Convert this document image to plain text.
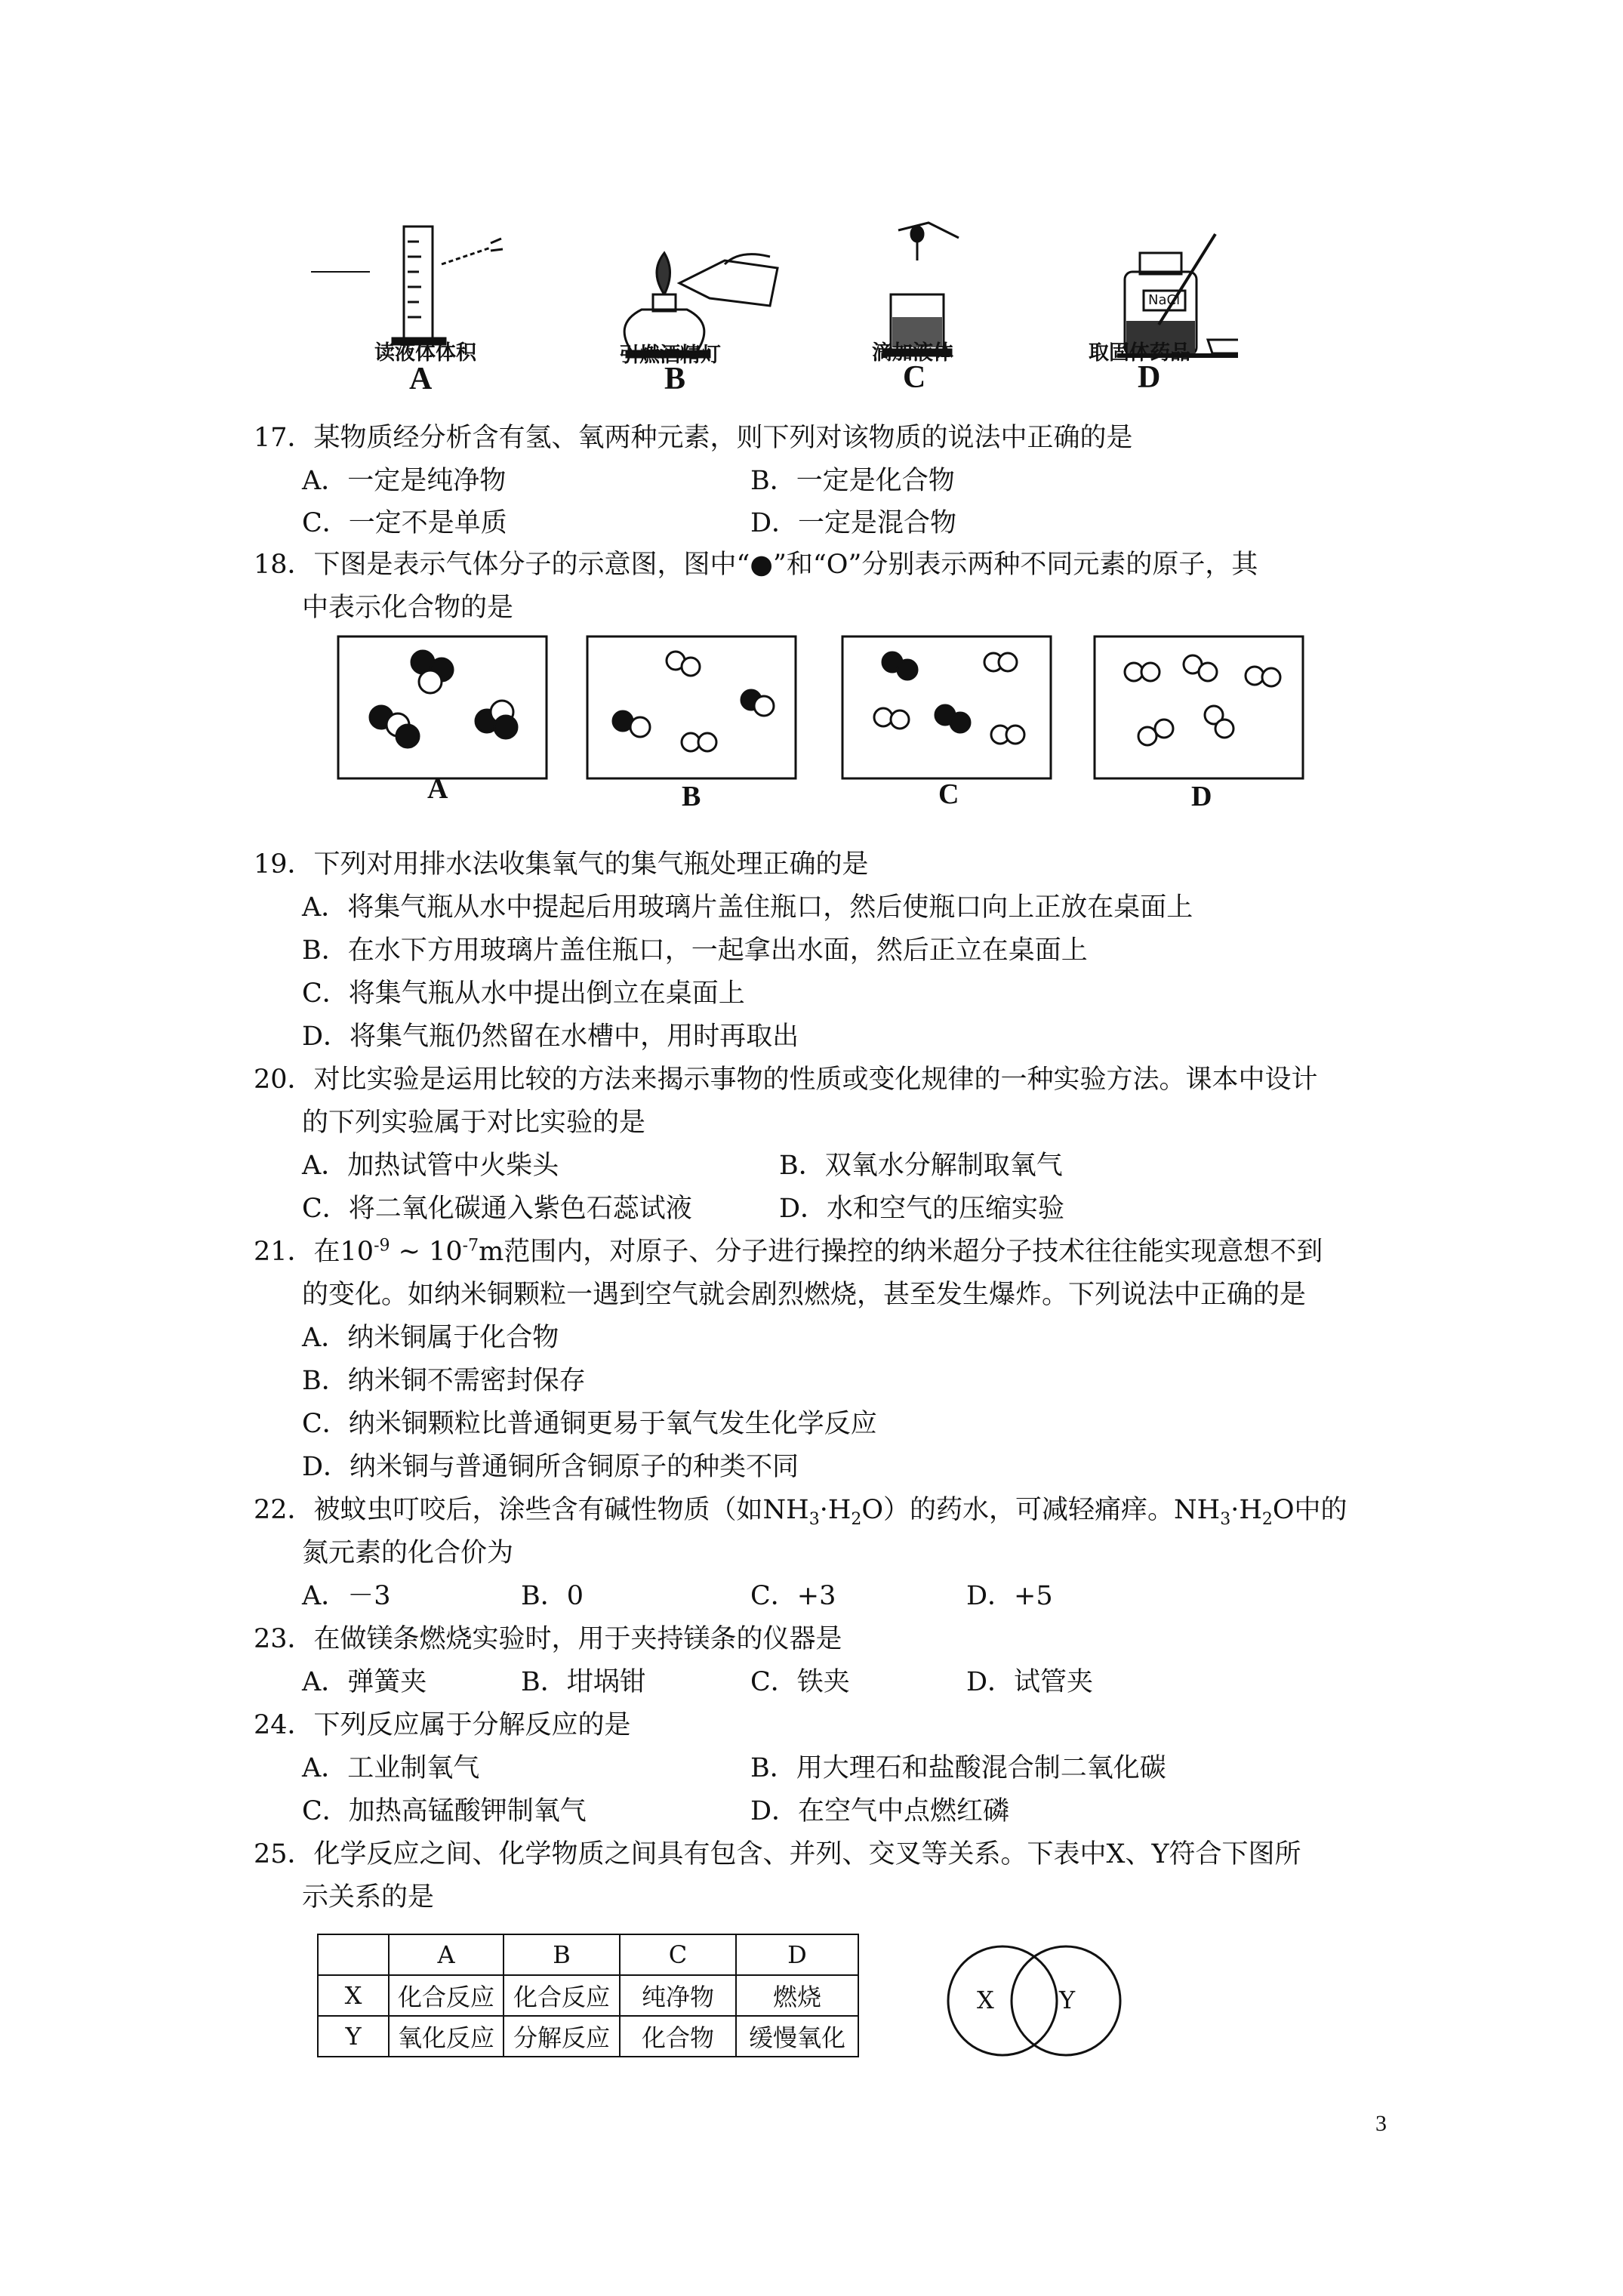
NaCl
读液体体积	引燃酒精灯	滴加液体	取固体药品
A	B	C	D
17．某物质经分析含有氢、氧两种元素，则下列对该物质的说法中正确的是
A．一定是纯净物	B．一定是化合物
C．一定不是单质	D．一定是混合物
18．下图是表示气体分子的示意图，图中“●”和“O”分别表示两种不同元素的原子，其
中表示化合物的是
A	B	C	D
19．下列对用排水法收集氧气的集气瓶处理正确的是
A．将集气瓶从水中提起后用玻璃片盖住瓶口，然后使瓶口向上正放在桌面上
B．在水下方用玻璃片盖住瓶口，一起拿出水面，然后正立在桌面上
C．将集气瓶从水中提出倒立在桌面上
D．将集气瓶仍然留在水槽中，用时再取出
20．对比实验是运用比较的方法来揭示事物的性质或变化规律的一种实验方法。课本中设计
的下列实验属于对比实验的是
A．加热试管中火柴头	B．双氧水分解制取氧气
C．将二氧化碳通入紫色石蕊试液	D．水和空气的压缩实验
21．在$10^{-9}$ ~ $10^{-7}m$范围内，对原子、分子进行操控的纳米超分子技术往往能实现意想不到
的变化。如纳米铜颗粒一遇到空气就会剧烈燃烧，甚至发生爆炸。下列说法中正确的是
A．纳米铜属于化合物
B．纳米铜不需密封保存
C．纳米铜颗粒比普通铜更易于氧气发生化学反应
D．纳米铜与普通铜所含铜原子的种类不同
22．被蚊虫叮咬后，涂些含有碱性物质（如$NH_3\cdot H_2O$）的药水，可减轻痛痒。$NH_3\cdot H_2O$中的
氮元素的化合价为
A．－3	B．0	C．+3	D．+5
23．在做镁条燃烧实验时，用于夹持镁条的仪器是
A．弹簧夹	B．坩埚钳	C．铁夹	D．试管夹
24．下列反应属于分解反应的是
A．工业制氧气	B．用大理石和盐酸混合制二氧化碳
C．加热高锰酸钾制氧气	D．在空气中点燃红磷
25．化学反应之间、化学物质之间具有包含、并列、交叉等关系。下表中X、Y符合下图所
示关系的是
	A	B	C	D
X	化合反应	化合反应	纯净物	燃烧
Y	氧化反应	分解反应	化合物	缓慢氧化
X	Y
3
